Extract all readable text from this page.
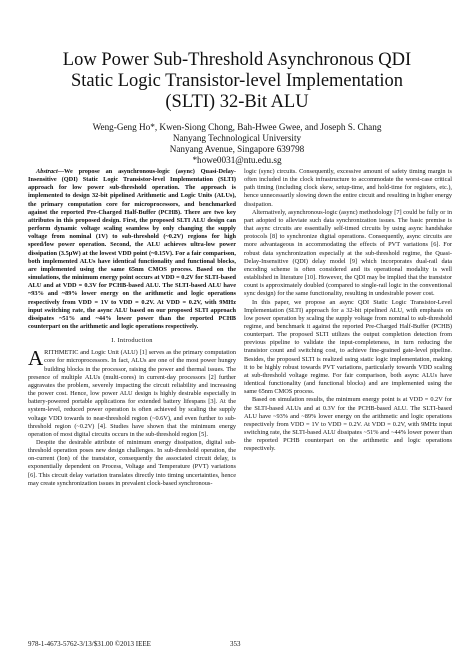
Low Power Sub-Threshold Asynchronous QDI
Static Logic Transistor-level Implementation
(SLTI) 32-Bit ALU
Weng-Geng Ho*, Kwen-Siong Chong, Bah-Hwee Gwee, and Joseph S. Chang
Nanyang Technological University
Nanyang Avenue, Singapore 639798
*howe0031@ntu.edu.sg

Abstract—We propose an asynchronous-logic (async) Quasi-Delay-Insensitive (QDI) Static Logic Transistor-level Implementation (SLTI) approach for low power sub-threshold operation. The approach is implemented to design 32-bit pipelined Arithmetic and Logic Units (ALUs), the primary computation core for microprocessors, and benchmarked against the reported Pre-Charged Half-Buffer (PCHB). There are two key attributes in this proposed design. First, the proposed SLTI ALU design can perform dynamic voltage scaling seamless by only changing the supply voltage from nominal (1V) to sub-threshold (~0.2V) regions for high speed/low power operation. Second, the ALU achieves ultra-low power dissipation (3.5μW) at the lowest VDD point (~0.15V). For a fair comparison, both implemented ALUs have identical functionality and functional blocks, are implemented using the same 65nm CMOS process. Based on the simulations, the minimum energy point occurs at VDD = 0.2V for SLTI-based ALU and at VDD = 0.3V for PCHB-based ALU. The SLTI-based ALU have ~93% and ~89% lower energy on the arithmetic and logic operations respectively from VDD = 1V to VDD = 0.2V. At VDD = 0.2V, with 9MHz input switching rate, the async ALU based on our proposed SLTI approach dissipates ~51% and ~44% lower power than the reported PCHB counterpart on the arithmetic and logic operations respectively.

I. Introduction

ARITHMETIC and Logic Unit (ALU) [1] serves as the primary computation core for microprocessors. In fact, ALUs are one of the most power hungry building blocks in the processor, raising the power and thermal issues. The presence of multiple ALUs (multi-cores) in current-day processors [2] further aggravates the problem, severely impacting the circuit reliability and increasing the power cost. Hence, low power ALU design is highly desirable especially in battery-powered portable applications for extended battery lifespans [3]. At the system-level, reduced power operation is often achieved by scaling the supply voltage VDD towards to near-threshold region (~0.6V), and even further to sub-threshold region (~0.2V) [4]. Studies have shown that the minimum energy operation of most digital circuits occurs in the sub-threshold region [5].

Despite the desirable attribute of minimum energy dissipation, digital sub-threshold operation poses new design challenges. In sub-threshold operation, the on-current (Ion) of the transistor, consequently the associated circuit delay, is exponentially dependent on Process, Voltage and Temperature (PVT) variations [6]. This circuit delay variation translates directly into timing uncertainties, hence may create synchronization issues in prevalent clock-based synchronous-

logic (sync) circuits. Consequently, excessive amount of safety timing margin is often included in the clock infrastructure to accommodate the worst-case critical path timing (including clock skew, setup-time, and hold-time for registers, etc.), hence unnecessarily slowing down the entire circuit and resulting in higher energy dissipation.

Alternatively, asynchronous-logic (async) methodology [7] could be fully or in part adopted to alleviate such data synchronization issues. The basic premise is that async circuits are essentially self-timed circuits by using async handshake protocols [8] to synchronize digital operations. Consequently, async circuits are more advantageous in accommodating the effects of PVT variations [6]. For robust data synchronization especially at the sub-threshold regime, the Quasi-Delay-Insensitive (QDI) delay model [9] which incorporates dual-rail data encoding scheme is often considered and its operational modality is well established in literature [10]. However, the QDI may be implied that the transistor count is approximately doubled (compared to single-rail logic in the conventional sync design) for the same functionality, resulting in undesirable power cost.

In this paper, we propose an async QDI Static Logic Transistor-Level Implementation (SLTI) approach for a 32-bit pipelined ALU, with emphasis on low power operation by scaling the supply voltage from nominal to sub-threshold regime, and benchmark it against the reported Pre-Charged Half-Buffer (PCHB) counterpart. The proposed SLTI utilizes the output completion detection from previous pipeline to validate the input-completeness, in turn reducing the transistor count and switching cost, to achieve fine-grained gate-level pipeline. Besides, the proposed SLTI is realized using static logic implementation, making it to be highly robust towards PVT variations, particularly towards VDD scaling at sub-threshold voltage regime. For fair comparison, both async ALUs have identical functionality (and functional blocks) and are implemented using the same 65nm CMOS process.

Based on simulation results, the minimum energy point is at VDD = 0.2V for the SLTI-based ALUs and at 0.3V for the PCHB-based ALU. The SLTI-based ALU have ~93% and ~89% lower energy on the arithmetic and logic operations respectively from VDD = 1V to VDD = 0.2V. At VDD = 0.2V, with 9MHz input switching rate, the SLTI-based ALU dissipates ~51% and ~44% lower power than the reported PCHB counterpart on the arithmetic and logic operations respectively.

978-1-4673-5762-3/13/$31.00 ©2013 IEEE	353
